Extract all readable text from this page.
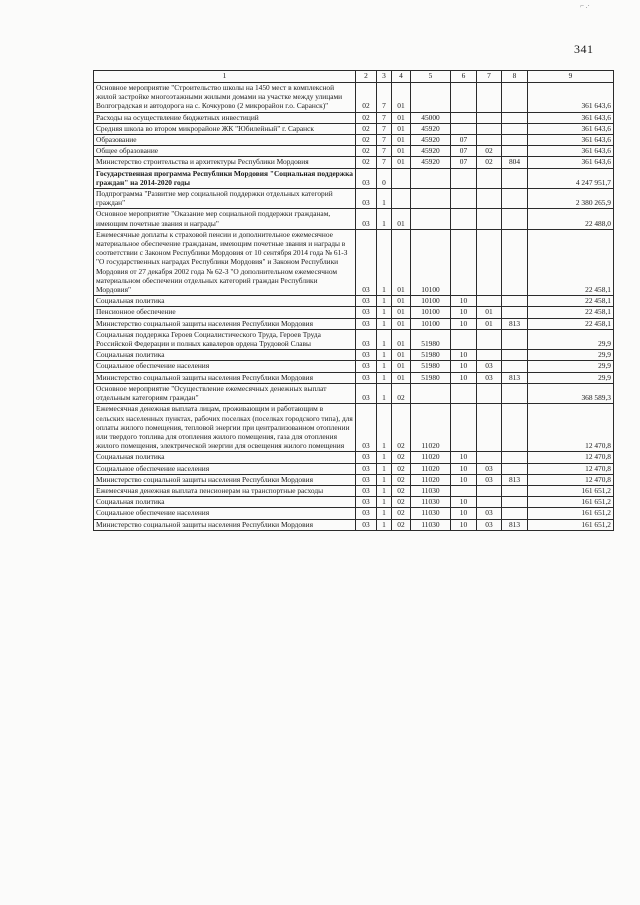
⌐ .·
341
1	2	3	4	5	6	7	8	9
Основное мероприятие "Строительство школы на 1450 мест в комплексной жилой застройке многоэтажными жилыми домами на участке между улицами Волгоградская и автодорога на с. Кочкурово (2 микрорайон г.о. Саранск)"	02	7	01					361 643,6
Расходы на осуществление бюджетных инвестиций	02	7	01	45000				361 643,6
Средняя школа во втором микрорайоне ЖК "Юбилейный" г. Саранск	02	7	01	45920				361 643,6
Образование	02	7	01	45920	07			361 643,6
Общее образование	02	7	01	45920	07	02		361 643,6
Министерство строительства и архитектуры Республики Мордовия	02	7	01	45920	07	02	804	361 643,6
Государственная программа Республики Мордовия "Социальная поддержка граждан" на 2014-2020 годы	03	0						4 247 951,7
Подпрограмма "Развитие мер социальной поддержки отдельных категорий граждан"	03	1						2 380 265,9
Основное мероприятие "Оказание мер социальной поддержки гражданам, имеющим почетные звания и награды"	03	1	01					22 488,0
Ежемесячные доплаты к страховой пенсии и дополнительное ежемесячное материальное обеспечение гражданам, имеющим почетные звания и награды в соответствии с Законом Республики Мордовия от 10 сентября 2014 года № 61-З "О государственных наградах Республики Мордовия" и Законом Республики Мордовия от 27 декабря 2002 года № 62-З "О дополнительном ежемесячном материальном обеспечении отдельных категорий граждан Республики Мордовия"	03	1	01	10100				22 458,1
Социальная политика	03	1	01	10100	10			22 458,1
Пенсионное обеспечение	03	1	01	10100	10	01		22 458,1
Министерство социальной защиты населения Республики Мордовия	03	1	01	10100	10	01	813	22 458,1
Социальная поддержка Героев Социалистического Труда, Героев Труда Российской Федерации и полных кавалеров ордена Трудовой Славы	03	1	01	51980				29,9
Социальная политика	03	1	01	51980	10			29,9
Социальное обеспечение населения	03	1	01	51980	10	03		29,9
Министерство социальной защиты населения Республики Мордовия	03	1	01	51980	10	03	813	29,9
Основное мероприятие "Осуществление ежемесячных денежных выплат отдельным категориям граждан"	03	1	02					368 589,3
Ежемесячная денежная выплата лицам, проживающим и работающим в сельских населенных пунктах, рабочих поселках (поселках городского типа), для оплаты жилого помещения, тепловой энергии при централизованном отоплении или твердого топлива для отопления жилого помещения, газа для отопления жилого помещения, электрической энергии для освещения жилого помещения	03	1	02	11020				12 470,8
Социальная политика	03	1	02	11020	10			12 470,8
Социальное обеспечение населения	03	1	02	11020	10	03		12 470,8
Министерство социальной защиты населения Республики Мордовия	03	1	02	11020	10	03	813	12 470,8
Ежемесячная денежная выплата пенсионерам на транспортные расходы	03	1	02	11030				161 651,2
Социальная политика	03	1	02	11030	10			161 651,2
Социальное обеспечение населения	03	1	02	11030	10	03		161 651,2
Министерство социальной защиты населения Республики Мордовия	03	1	02	11030	10	03	813	161 651,2
